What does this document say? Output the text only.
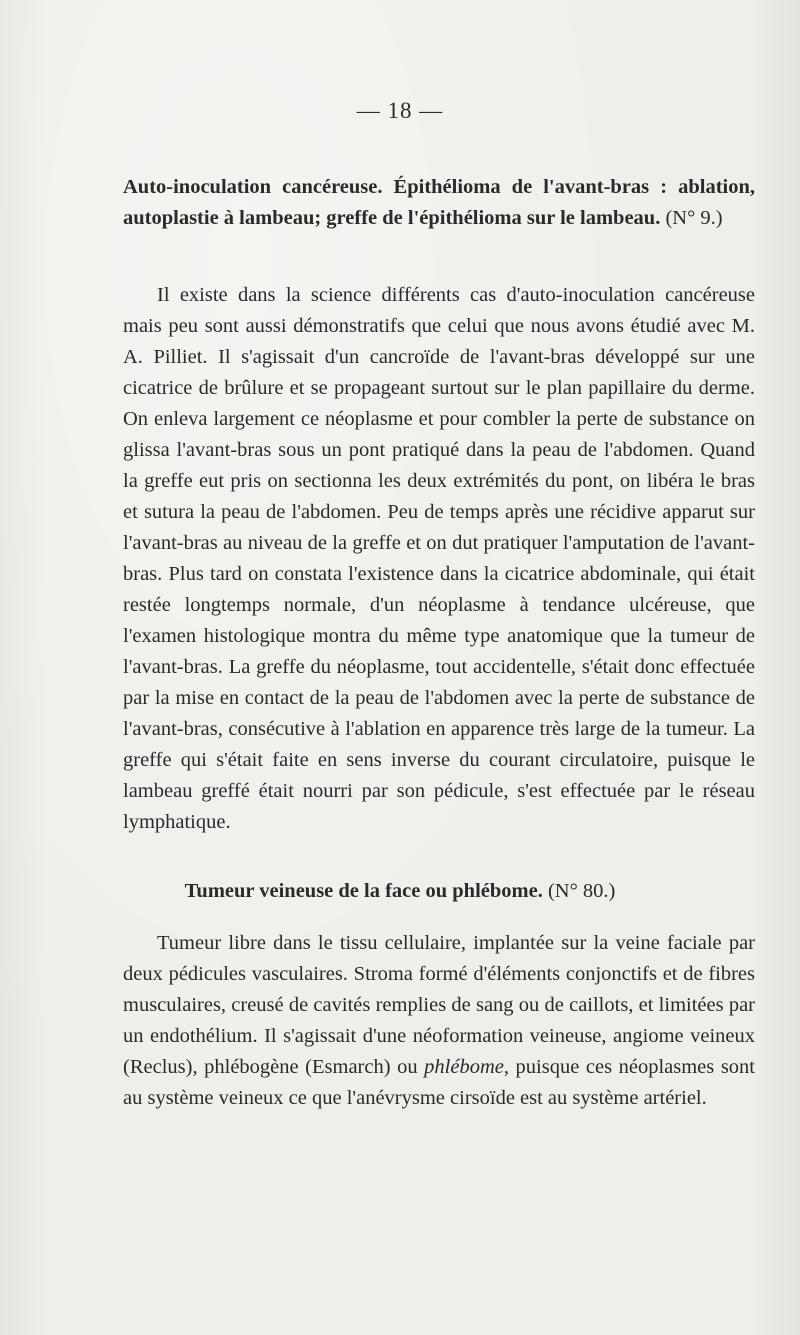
— 18 —
Auto-inoculation cancéreuse. Épithélioma de l'avant-bras : ablation, autoplastie à lambeau; greffe de l'épithélioma sur le lambeau. (N° 9.)

Il existe dans la science différents cas d'auto-inoculation cancéreuse mais peu sont aussi démonstratifs que celui que nous avons étudié avec M. A. Pilliet. Il s'agissait d'un cancroïde de l'avant-bras développé sur une cicatrice de brûlure et se propageant surtout sur le plan papillaire du derme. On enleva largement ce néoplasme et pour combler la perte de substance on glissa l'avant-bras sous un pont pratiqué dans la peau de l'abdomen. Quand la greffe eut pris on sectionna les deux extrémités du pont, on libéra le bras et sutura la peau de l'abdomen. Peu de temps après une récidive apparut sur l'avant-bras au niveau de la greffe et on dut pratiquer l'amputation de l'avant-bras. Plus tard on constata l'existence dans la cicatrice abdominale, qui était restée longtemps normale, d'un néoplasme à tendance ulcéreuse, que l'examen histologique montra du même type anatomique que la tumeur de l'avant-bras. La greffe du néoplasme, tout accidentelle, s'était donc effectuée par la mise en contact de la peau de l'abdomen avec la perte de substance de l'avant-bras, consécutive à l'ablation en apparence très large de la tumeur. La greffe qui s'était faite en sens inverse du courant circulatoire, puisque le lambeau greffé était nourri par son pédicule, s'est effectuée par le réseau lymphatique.

Tumeur veineuse de la face ou phlébome. (N° 80.)

Tumeur libre dans le tissu cellulaire, implantée sur la veine faciale par deux pédicules vasculaires. Stroma formé d'éléments conjonctifs et de fibres musculaires, creusé de cavités remplies de sang ou de caillots, et limitées par un endothélium. Il s'agissait d'une néoformation veineuse, angiome veineux (Reclus), phlébogène (Esmarch) ou phlébome, puisque ces néoplasmes sont au système veineux ce que l'anévrysme cirsoïde est au système artériel.
